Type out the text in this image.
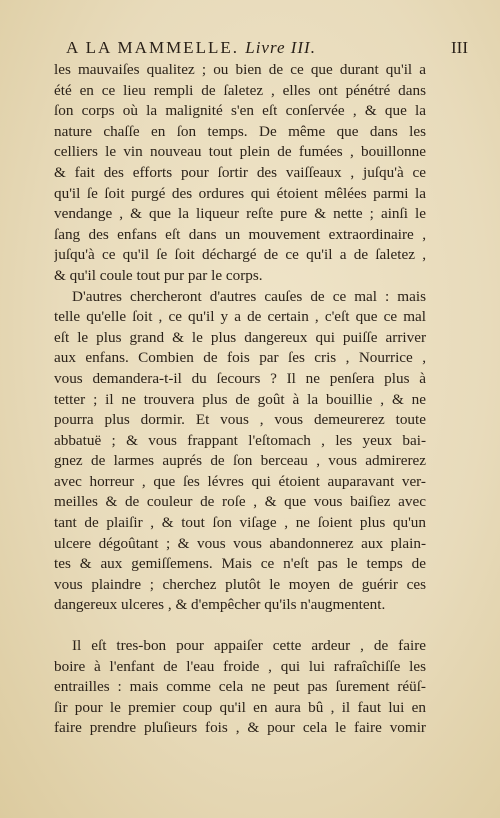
A LA MAMMELLE. Livre III.	III
les mauvaiſes qualitez ; ou bien de ce que durant qu'il a
été en ce lieu rempli de ſaletez , elles ont pénétré dans
ſon corps où la malignité s'en eſt conſervée , & que la
nature chaſſe en ſon temps. De même que dans les
celliers le vin nouveau tout plein de fumées , bouillonne
& fait des efforts pour ſortir des vaiſſeaux , juſqu'à ce
qu'il ſe ſoit purgé des ordures qui étoient mêlées parmi la
vendange , & que la liqueur reſte pure & nette ; ainſi le
ſang des enfans eſt dans un mouvement extraordinaire ,
juſqu'à ce qu'il ſe ſoit déchargé de ce qu'il a de ſaletez ,
& qu'il coule tout pur par le corps.
D'autres chercheront d'autres cauſes de ce mal : mais
telle qu'elle ſoit , ce qu'il y a de certain , c'eſt que ce mal
eſt le plus grand & le plus dangereux qui puiſſe arriver
aux enfans. Combien de fois par ſes cris , Nourrice ,
vous demandera-t-il du ſecours ? Il ne penſera plus à
tetter ; il ne trouvera plus de goût à la bouillie , & ne
pourra plus dormir. Et vous , vous demeurerez toute
abbatuë ; & vous frappant l'eſtomach , les yeux bai-
gnez de larmes auprés de ſon berceau , vous admirerez
avec horreur , que ſes lévres qui étoient auparavant ver-
meilles & de couleur de roſe , & que vous baiſiez avec
tant de plaiſir , & tout ſon viſage , ne ſoient plus qu'un
ulcere dégoûtant ; & vous vous abandonnerez aux plain-
tes & aux gemiſſemens. Mais ce n'eſt pas le temps de
vous plaindre ; cherchez plutôt le moyen de guérir ces
dangereux ulceres , & d'empêcher qu'ils n'augmentent.
Il eſt tres-bon pour appaiſer cette ardeur , de faire
boire à l'enfant de l'eau froide , qui lui rafraîchiſſe les
entrailles : mais comme cela ne peut pas ſurement réüſ-
ſir pour le premier coup qu'il en aura bû , il faut lui en
faire prendre pluſieurs fois , & pour cela le faire vomir
